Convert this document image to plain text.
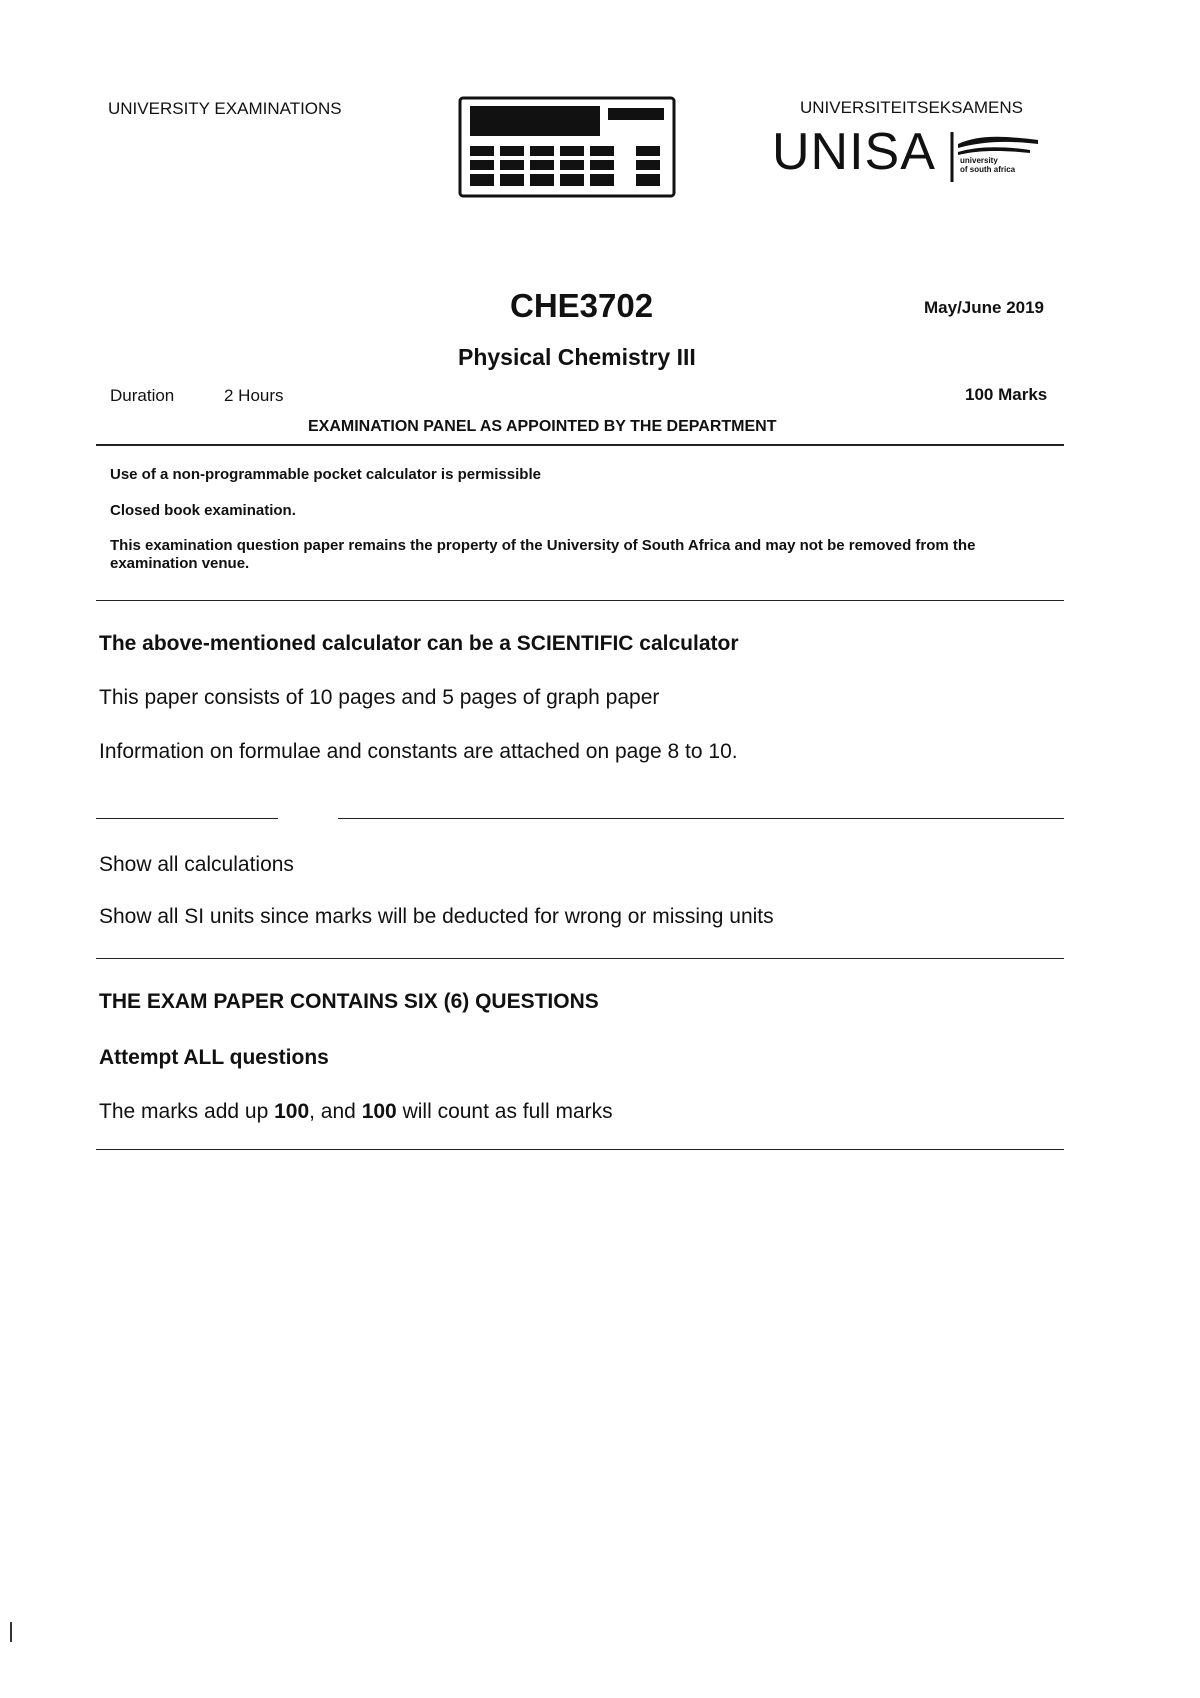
UNIVERSITY EXAMINATIONS	UNIVERSITEITSEKSAMENS
UNISA	university
of south africa
CHE3702	May/June 2019
Physical Chemistry III
Duration	2 Hours	100 Marks
EXAMINATION PANEL AS APPOINTED BY THE DEPARTMENT
Use of a non-programmable pocket calculator is permissible
Closed book examination.
This examination question paper remains the property of the University of South Africa and may not be removed from the examination venue.
The above-mentioned calculator can be a SCIENTIFIC calculator
This paper consists of 10 pages and 5 pages of graph paper
Information on formulae and constants are attached on page 8 to 10.
Show all calculations
Show all SI units since marks will be deducted for wrong or missing units
THE EXAM PAPER CONTAINS SIX (6) QUESTIONS
Attempt ALL questions
The marks add up 100, and 100 will count as full marks
